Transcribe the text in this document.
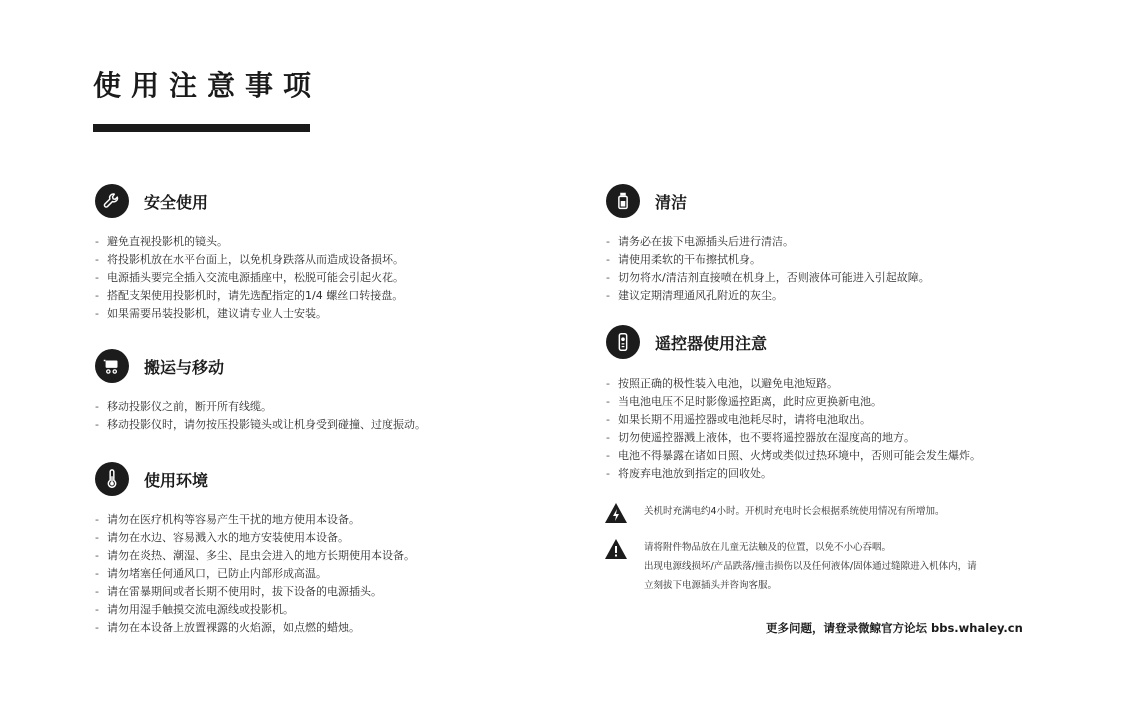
使用注意事项
安全使用
- 避免直视投影机的镜头。
- 将投影机放在水平台面上，以免机身跌落从而造成设备损坏。
- 电源插头要完全插入交流电源插座中，松脱可能会引起火花。
- 搭配支架使用投影机时，请先选配指定的1/4 螺丝口转接盘。
- 如果需要吊装投影机，建议请专业人士安装。
搬运与移动
- 移动投影仪之前，断开所有线缆。
- 移动投影仪时，请勿按压投影镜头或让机身受到碰撞、过度振动。
使用环境
- 请勿在医疗机构等容易产生干扰的地方使用本设备。
- 请勿在水边、容易溅入水的地方安装使用本设备。
- 请勿在炎热、潮湿、多尘、昆虫会进入的地方长期使用本设备。
- 请勿堵塞任何通风口，已防止内部形成高温。
- 请在雷暴期间或者长期不使用时，拔下设备的电源插头。
- 请勿用湿手触摸交流电源线或投影机。
- 请勿在本设备上放置裸露的火焰源，如点燃的蜡烛。
清洁
- 请务必在拔下电源插头后进行清洁。
- 请使用柔软的干布擦拭机身。
- 切勿将水/清洁剂直接喷在机身上，否则液体可能进入引起故障。
- 建议定期清理通风孔附近的灰尘。
遥控器使用注意
- 按照正确的极性装入电池，以避免电池短路。
- 当电池电压不足时影像遥控距离，此时应更换新电池。
- 如果长期不用遥控器或电池耗尽时，请将电池取出。
- 切勿使遥控器溅上液体，也不要将遥控器放在湿度高的地方。
- 电池不得暴露在诸如日照、火烤或类似过热环境中，否则可能会发生爆炸。
- 将废弃电池放到指定的回收处。

关机时充满电约4小时。开机时充电时长会根据系统使用情况有所增加。

请将附件物品放在儿童无法触及的位置，以免不小心吞咽。

出现电源线损坏/产品跌落/撞击损伤以及任何液体/固体通过缝隙进入机体内，请

立刻拔下电源插头并咨询客服。

更多问题，请登录微鲸官方论坛 bbs.whaley.cn
